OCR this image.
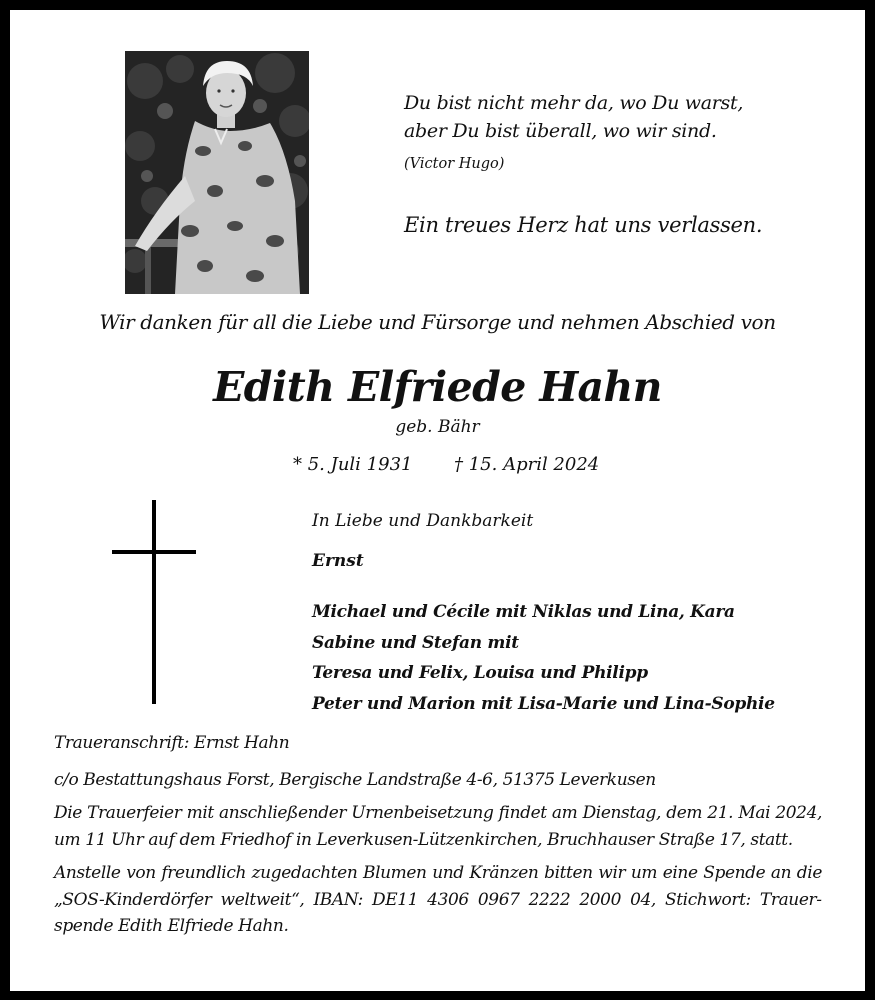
Du bist nicht mehr da, wo Du warst,
aber Du bist überall, wo wir sind.
(Victor Hugo)
Ein treues Herz hat uns verlassen.
Wir danken für all die Liebe und Fürsorge und nehmen Abschied von
Edith Elfriede Hahn
geb. Bähr
* 5. Juli 1931 † 15. April 2024
In Liebe und Dankbarkeit
Ernst
Michael und Cécile mit Niklas und Lina, Kara
Sabine und Stefan mit
Teresa und Felix, Louisa und Philipp
Peter und Marion mit Lisa-Marie und Lina-Sophie
Traueranschrift: Ernst Hahn
c/o Bestattungshaus Forst, Bergische Landstraße 4-6, 51375 Leverkusen
Die Trauerfeier mit anschließender Urnenbeisetzung findet am Dienstag, dem 21. Mai 2024, um 11 Uhr auf dem Friedhof in Leverkusen-Lützenkirchen, Bruchhauser Straße 17, statt.
Anstelle von freundlich zugedachten Blumen und Kränzen bitten wir um eine Spende an die „SOS-Kinderdörfer weltweit“, IBAN: DE11 4306 0967 2222 2000 04, Stichwort: Trauerspende Edith Elfriede Hahn.
